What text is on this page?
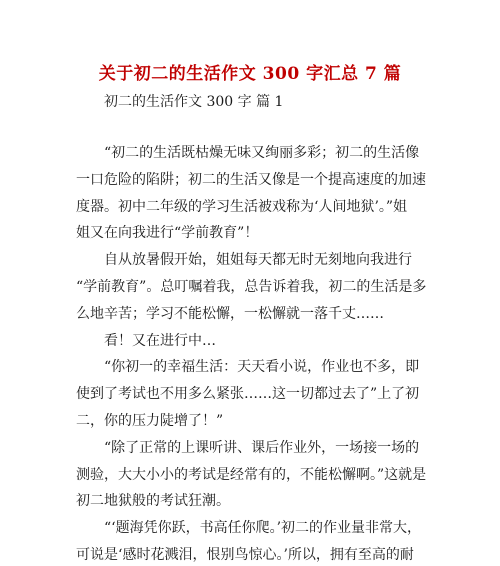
关于初二的生活作文 300 字汇总 7 篇
初二的生活作文 300 字 篇 1

“初二的生活既枯燥无味又绚丽多彩；初二的生活像
一口危险的陷阱；初二的生活又像是一个提高速度的加速
度器。初中二年级的学习生活被戏称为‘人间地狱’。”姐
姐又在向我进行“学前教育”！

自从放暑假开始，姐姐每天都无时无刻地向我进行
“学前教育”。总叮嘱着我，总告诉着我，初二的生活是多
么地辛苦；学习不能松懈，一松懈就一落千丈……

看！又在进行中…

“你初一的幸福生活：天天看小说，作业也不多，即
使到了考试也不用多么紧张……这一切都过去了”上了初
二，你的压力陡增了！”

“除了正常的上课听讲、课后作业外，一场接一场的
测验，大大小小的考试是经常有的，不能松懈啊。”这就是
初二地狱般的考试狂潮。

“‘题海凭你跃，书高任你爬。’初二的作业量非常大，
可说是‘感时花溅泪，恨别鸟惊心。’所以，拥有至高的耐
